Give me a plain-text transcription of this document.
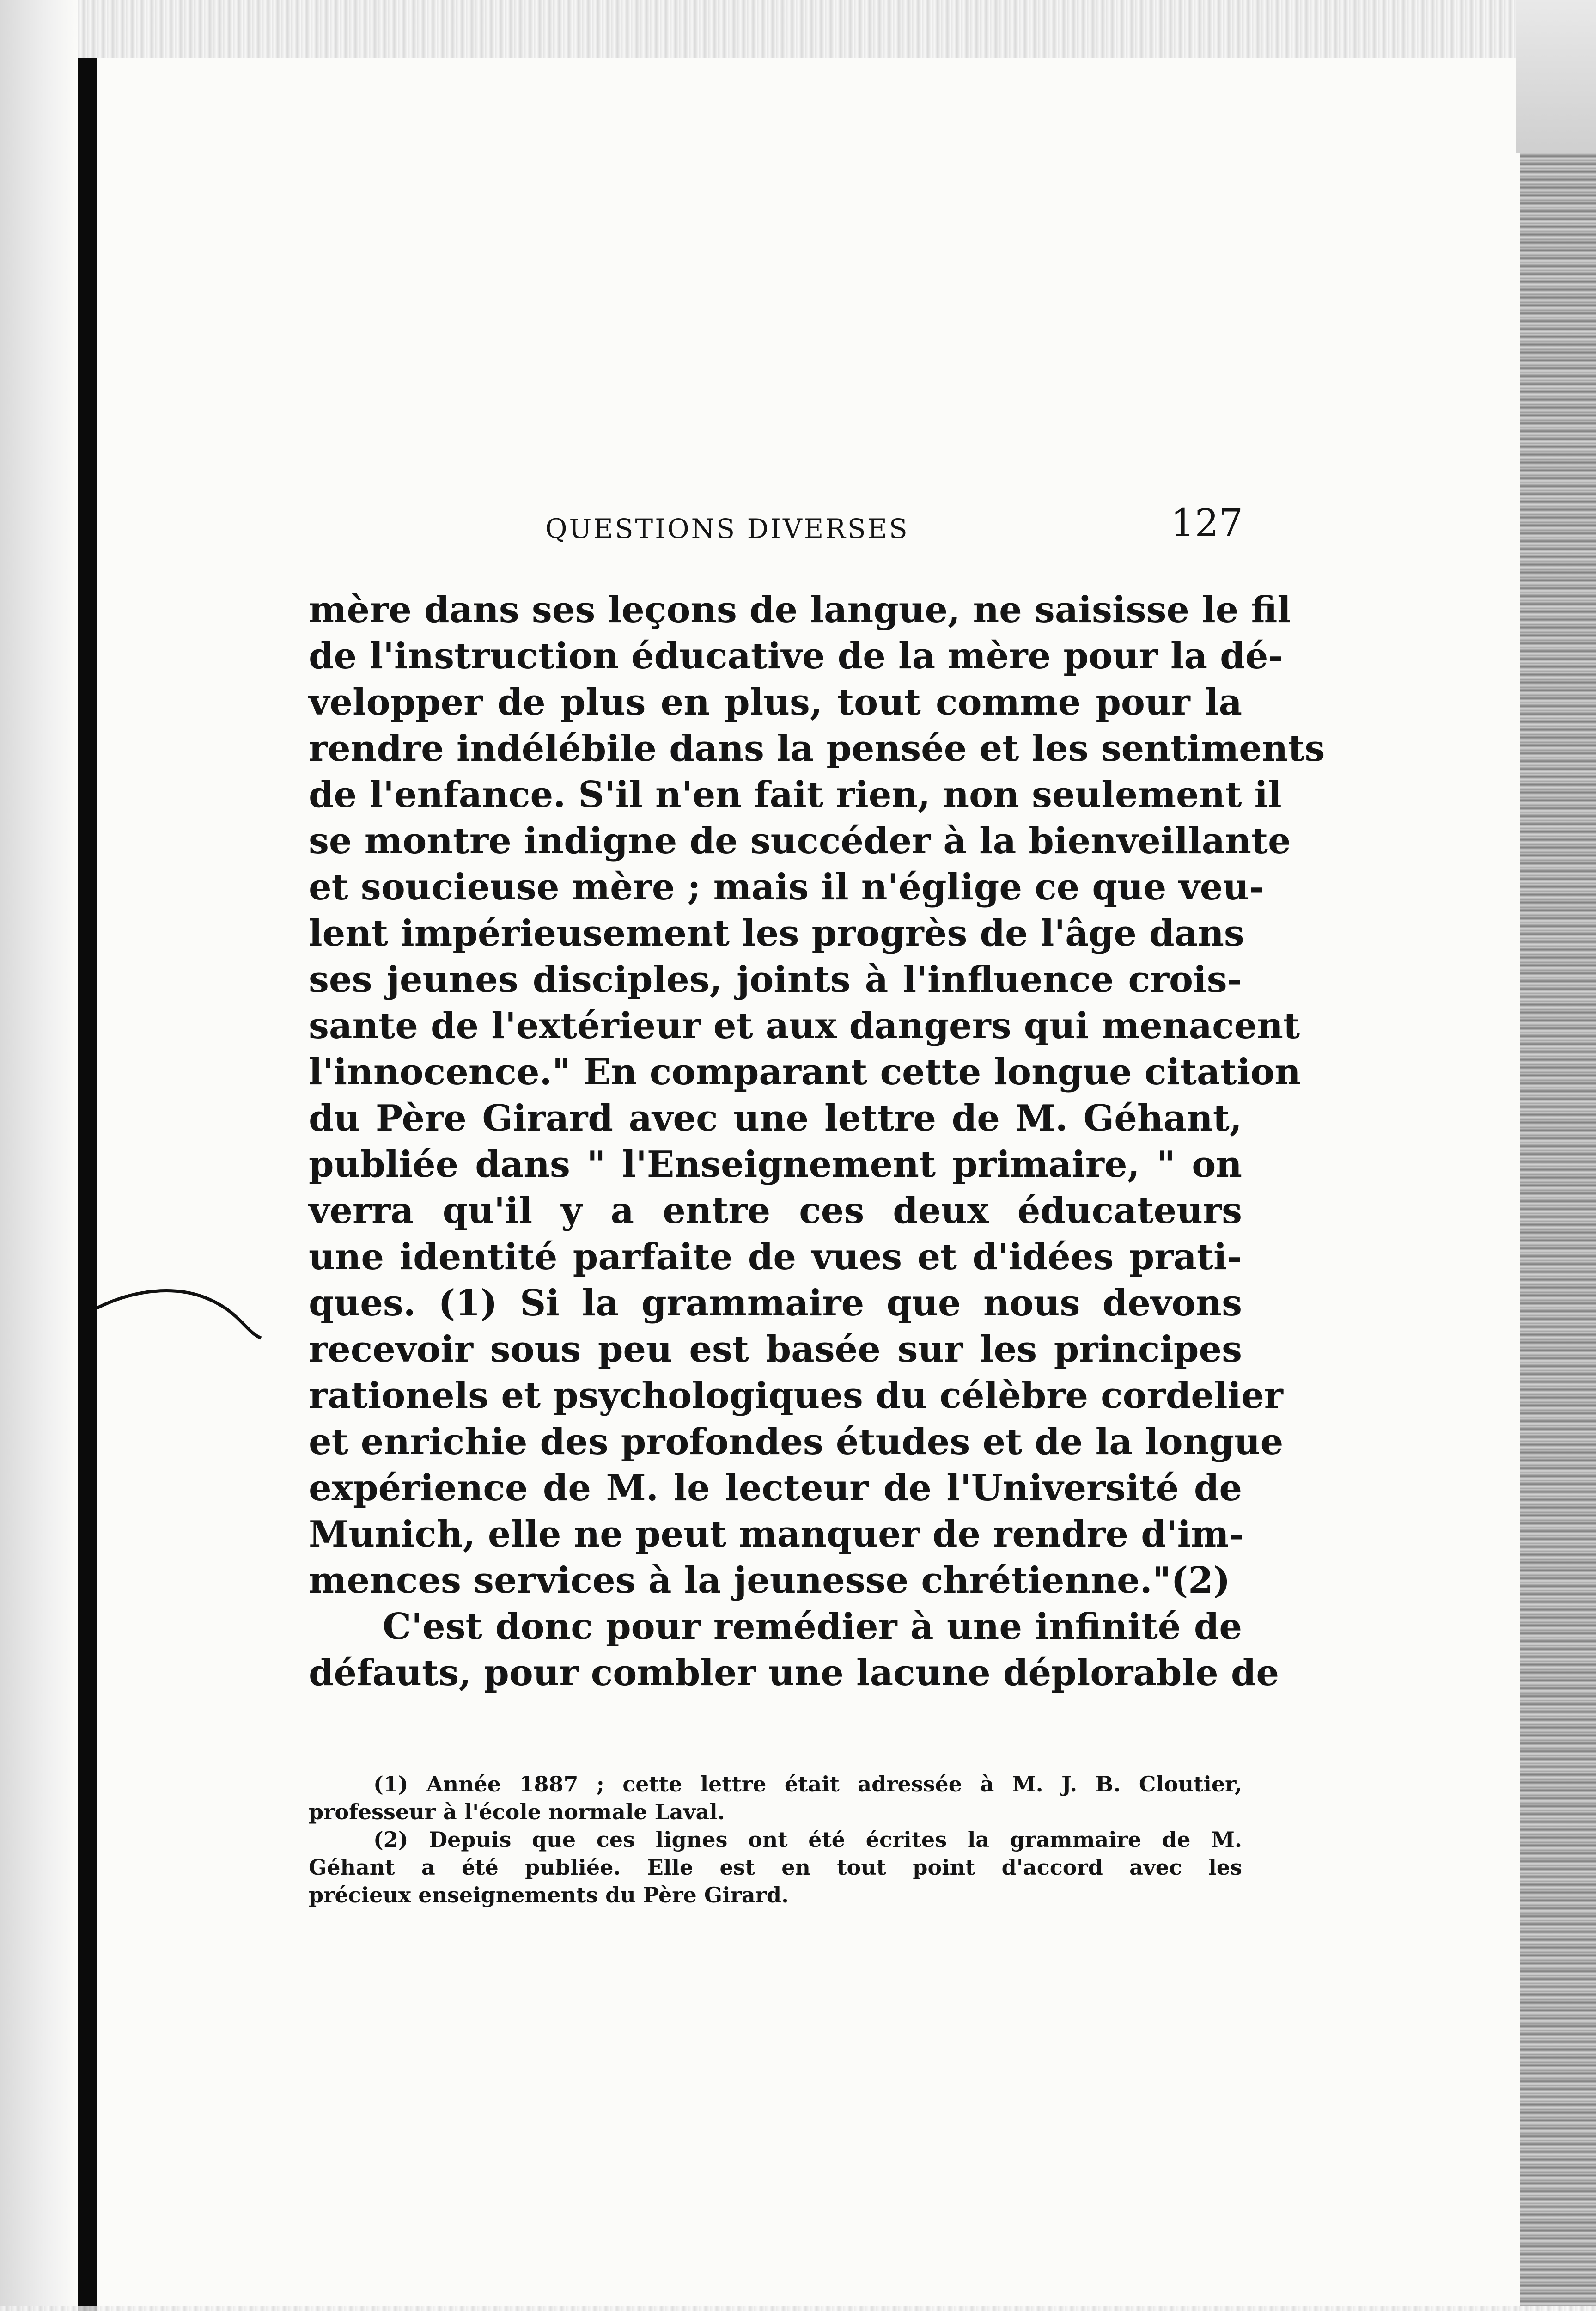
QUESTIONS DIVERSES	127
mère dans ses leçons de langue, ne saisisse le fil
de l'instruction éducative de la mère pour la dé-
velopper de plus en plus, tout comme pour la
rendre indélébile dans la pensée et les sentiments
de l'enfance. S'il n'en fait rien, non seulement il
se montre indigne de succéder à la bienveillante
et soucieuse mère ; mais il n'églige ce que veu-
lent impérieusement les progrès de l'âge dans
ses jeunes disciples, joints à l'influence crois-
sante de l'extérieur et aux dangers qui menacent
l'innocence." En comparant cette longue citation
du Père Girard avec une lettre de M. Géhant,
publiée dans " l'Enseignement primaire, " on
verra qu'il y a entre ces deux éducateurs
une identité parfaite de vues et d'idées prati-
ques. (1) Si la grammaire que nous devons
recevoir sous peu est basée sur les principes
rationels et psychologiques du célèbre cordelier
et enrichie des profondes études et de la longue
expérience de M. le lecteur de l'Université de
Munich, elle ne peut manquer de rendre d'im-
mences services à la jeunesse chrétienne."(2)
C'est donc pour remédier à une infinité de
défauts, pour combler une lacune déplorable de
(1) Année 1887 ; cette lettre était adressée à M. J. B. Cloutier,
professeur à l'école normale Laval.
(2) Depuis que ces lignes ont été écrites la grammaire de M.
Géhant a été publiée. Elle est en tout point d'accord avec les
précieux enseignements du Père Girard.
